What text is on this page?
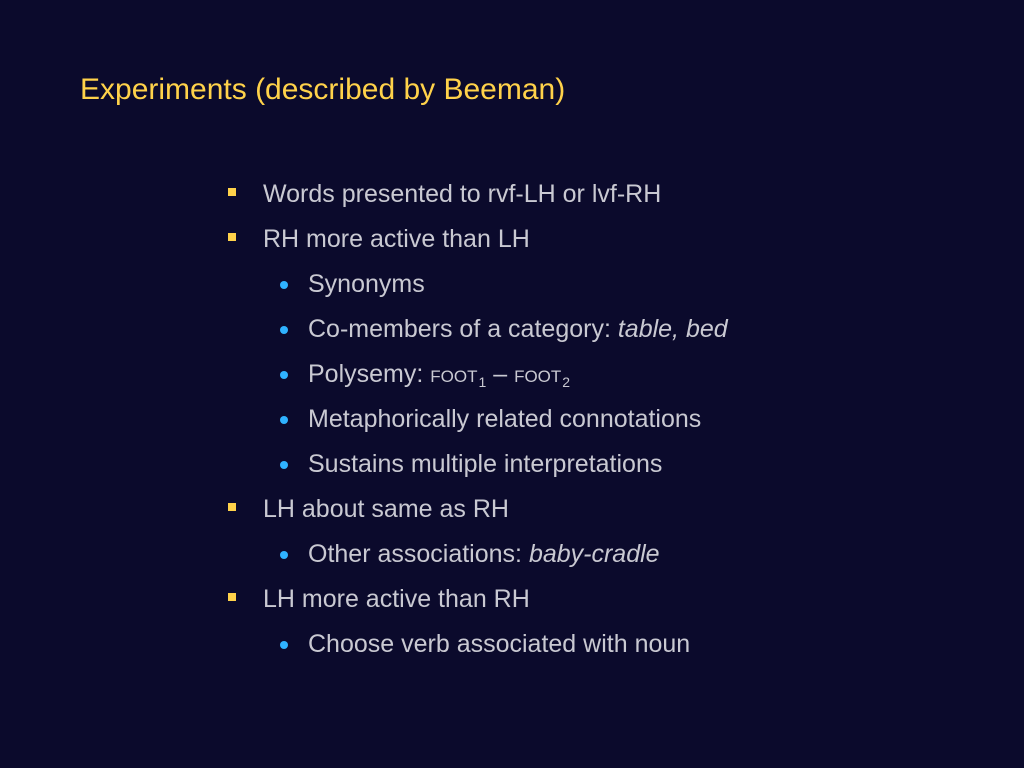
Experiments (described by Beeman)
Words presented to rvf-LH or lvf-RH
RH more active than LH
Synonyms
Co-members of a category: table, bed
Polysemy: $FOOT_1$ – $FOOT_2$
Metaphorically related connotations
Sustains multiple interpretations
LH about same as RH
Other associations: baby-cradle
LH more active than RH
Choose verb associated with noun
